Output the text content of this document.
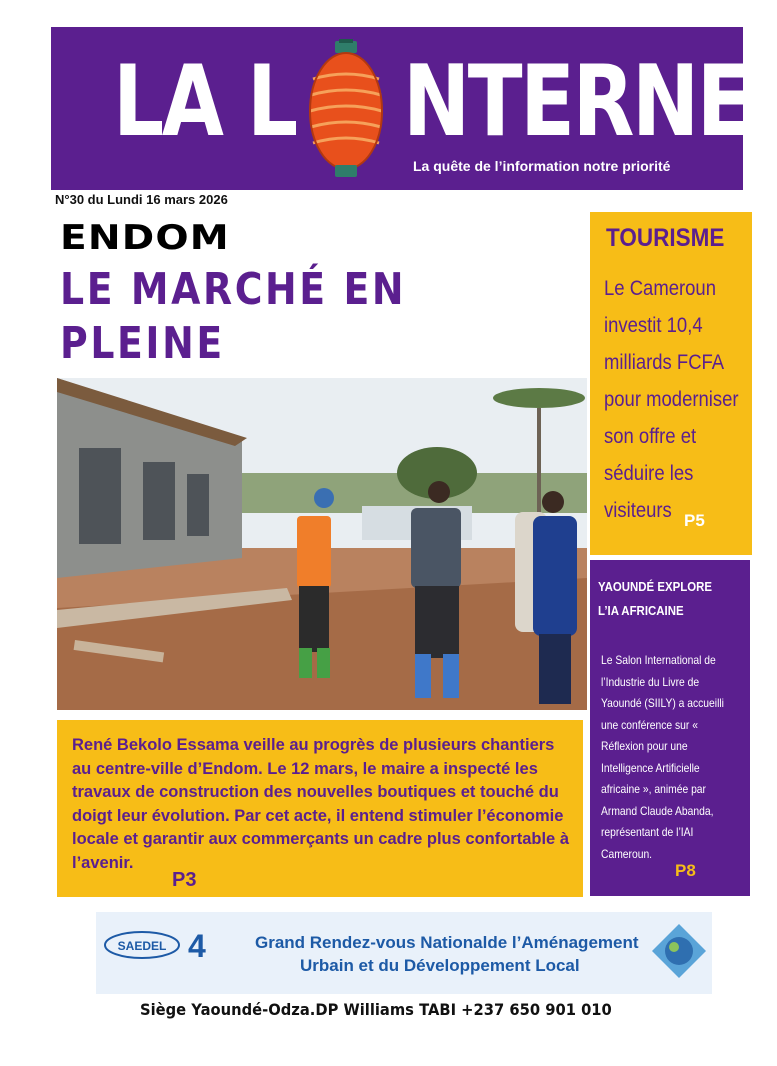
LA L NTERNE
La quête de l’information notre priorité
N°30 du Lundi 16 mars 2026
ENDOM
LE MARCHÉ EN PLEINE
TOURISME
Le Cameroun investit 10,4 milliards FCFA pour moderniser son offre et séduire les visiteurs P5
YAOUNDÉ EXPLORE L’IA AFRICAINE
Le Salon International de l’Industrie du Livre de Yaoundé (SIILY) a accueilli une conférence sur « Réflexion pour une Intelligence Artificielle africaine », animée par Armand Claude Abanda, représentant de l’IAI Cameroun.
P8
René Bekolo Essama veille au progrès de plusieurs chantiers au centre-ville d’Endom. Le 12 mars, le maire a inspecté les travaux de construction des nouvelles boutiques et touché du doigt leur évolution. Par cet acte, il entend stimuler l’économie locale et garantir aux commerçants un cadre plus confortable à l’avenir.
P3
SAEDEL 4	Grand Rendez-vous Nationalde l’Aménagement
Urbain et du Développement Local
Siège Yaoundé-Odza.DP Williams TABI +237 650 901 010
